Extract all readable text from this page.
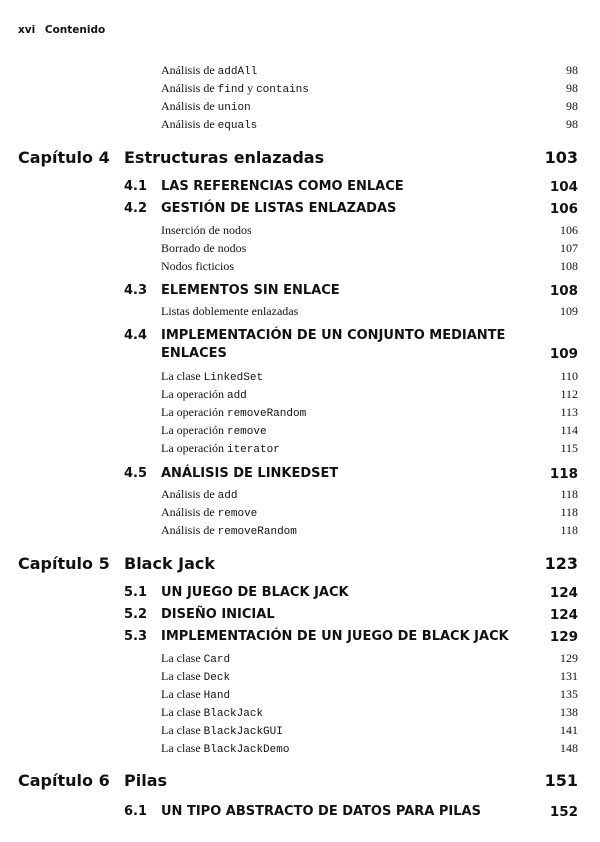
xvi Contenido
Análisis de addAll	98
Análisis de find y contains	98
Análisis de union	98
Análisis de equals	98
Capítulo 4 Estructuras enlazadas	103
4.1 LAS REFERENCIAS COMO ENLACE	104
4.2 GESTIÓN DE LISTAS ENLAZADAS	106
Inserción de nodos	106
Borrado de nodos	107
Nodos ficticios	108
4.3 ELEMENTOS SIN ENLACE	108
Listas doblemente enlazadas	109
4.4 IMPLEMENTACIÓN DE UN CONJUNTO MEDIANTE
ENLACES	109
La clase LinkedSet	110
La operación add	112
La operación removeRandom	113
La operación remove	114
La operación iterator	115
4.5 ANÁLISIS DE LINKEDSET	118
Análisis de add	118
Análisis de remove	118
Análisis de removeRandom	118
Capítulo 5 Black Jack	123
5.1 UN JUEGO DE BLACK JACK	124
5.2 DISEÑO INICIAL	124
5.3 IMPLEMENTACIÓN DE UN JUEGO DE BLACK JACK	129
La clase Card	129
La clase Deck	131
La clase Hand	135
La clase BlackJack	138
La clase BlackJackGUI	141
La clase BlackJackDemo	148
Capítulo 6 Pilas	151
6.1 UN TIPO ABSTRACTO DE DATOS PARA PILAS	152
